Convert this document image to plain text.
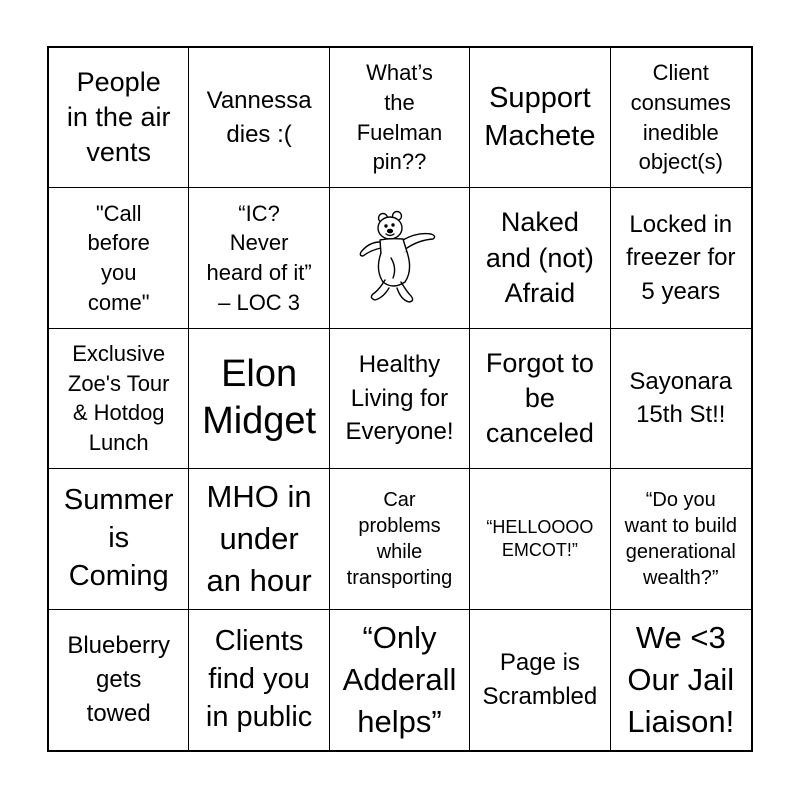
People
in the air
vents
Vannessa
dies :(
What’s
the
Fuelman
pin??
Support
Machete
Client
consumes
inedible
object(s)
"Call
before
you
come"
“IC?
Never
heard of it”
– LOC 3
Naked
and (not)
Afraid
Locked in
freezer for
5 years
Exclusive
Zoe's Tour
& Hotdog
Lunch
Elon
Midget
Healthy
Living for
Everyone!
Forgot to
be
canceled
Sayonara
15th St!!
Summer
is
Coming
MHO in
under
an hour
Car
problems
while
transporting
“HELLOOOO
EMCOT!”
“Do you
want to build
generational
wealth?”
Blueberry
gets
towed
Clients
find you
in public
“Only
Adderall
helps”
Page is
Scrambled
We <3
Our Jail
Liaison!
